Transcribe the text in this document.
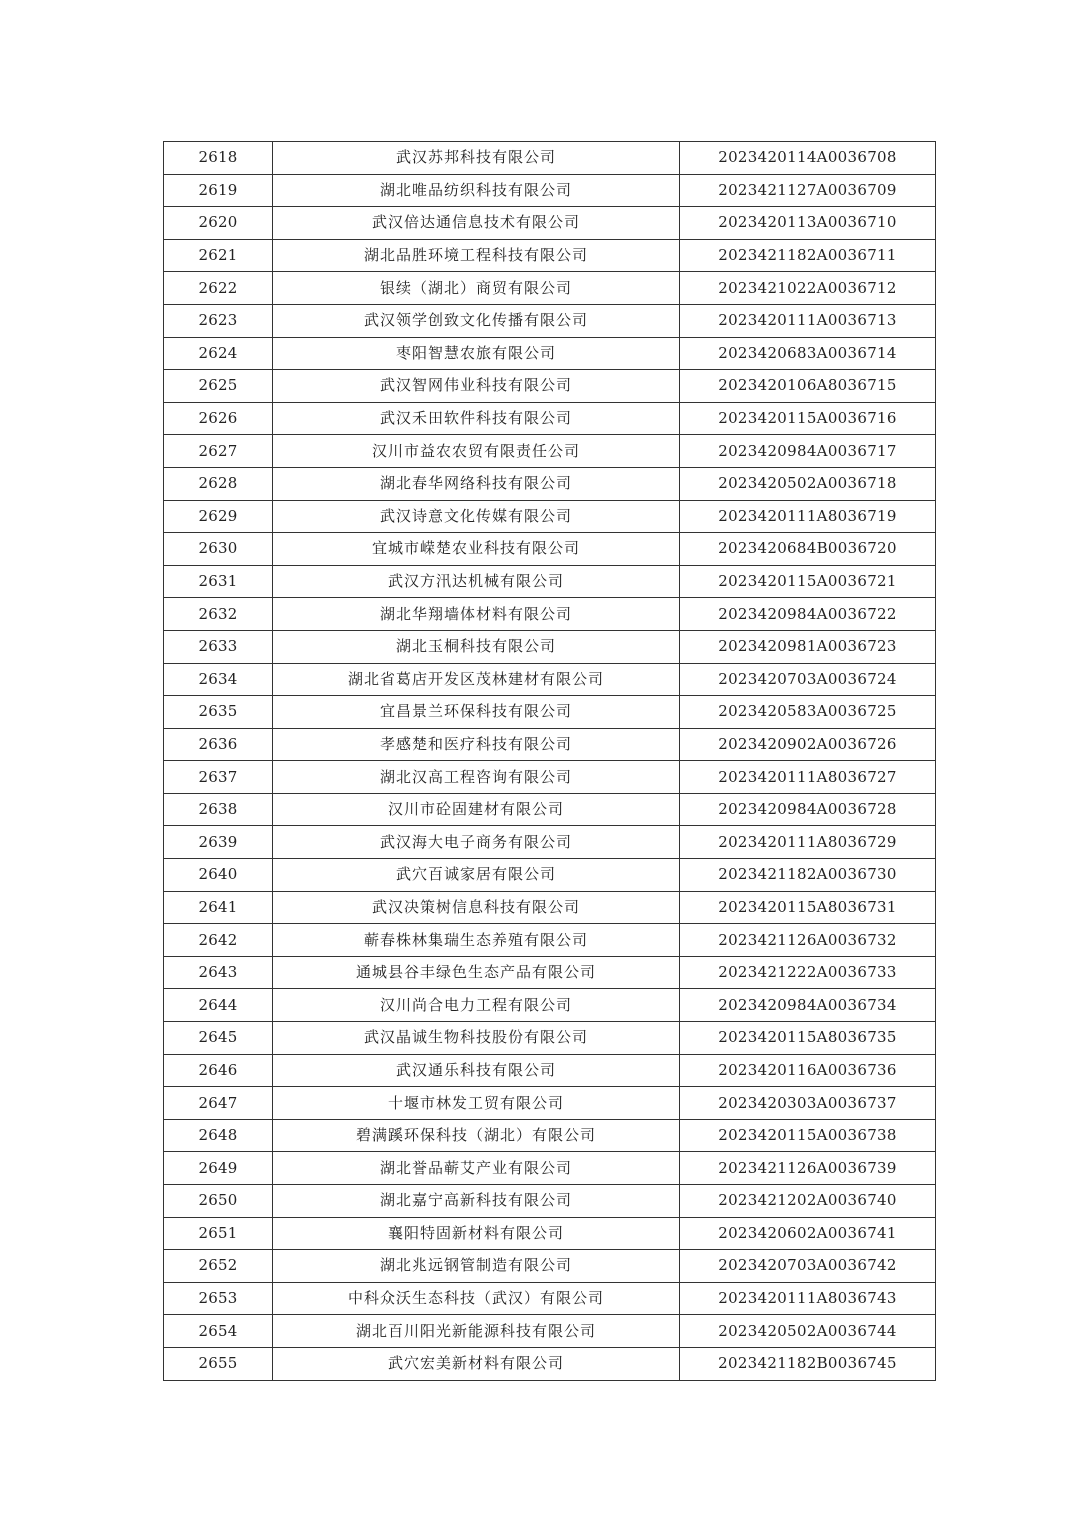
2618	武汉苏邦科技有限公司	2023420114A0036708
2619	湖北唯品纺织科技有限公司	2023421127A0036709
2620	武汉倍达通信息技术有限公司	2023420113A0036710
2621	湖北品胜环境工程科技有限公司	2023421182A0036711
2622	银续（湖北）商贸有限公司	2023421022A0036712
2623	武汉领学创致文化传播有限公司	2023420111A0036713
2624	枣阳智慧农旅有限公司	2023420683A0036714
2625	武汉智网伟业科技有限公司	2023420106A8036715
2626	武汉禾田软件科技有限公司	2023420115A0036716
2627	汉川市益农农贸有限责任公司	2023420984A0036717
2628	湖北春华网络科技有限公司	2023420502A0036718
2629	武汉诗意文化传媒有限公司	2023420111A8036719
2630	宜城市嵘楚农业科技有限公司	2023420684B0036720
2631	武汉方汛达机械有限公司	2023420115A0036721
2632	湖北华翔墙体材料有限公司	2023420984A0036722
2633	湖北玉桐科技有限公司	2023420981A0036723
2634	湖北省葛店开发区茂林建材有限公司	2023420703A0036724
2635	宜昌景兰环保科技有限公司	2023420583A0036725
2636	孝感楚和医疗科技有限公司	2023420902A0036726
2637	湖北汉高工程咨询有限公司	2023420111A8036727
2638	汉川市砼固建材有限公司	2023420984A0036728
2639	武汉海大电子商务有限公司	2023420111A8036729
2640	武穴百诚家居有限公司	2023421182A0036730
2641	武汉决策树信息科技有限公司	2023420115A8036731
2642	蕲春株林集瑞生态养殖有限公司	2023421126A0036732
2643	通城县谷丰绿色生态产品有限公司	2023421222A0036733
2644	汉川尚合电力工程有限公司	2023420984A0036734
2645	武汉晶诚生物科技股份有限公司	2023420115A8036735
2646	武汉通乐科技有限公司	2023420116A0036736
2647	十堰市林发工贸有限公司	2023420303A0036737
2648	碧满蹊环保科技（湖北）有限公司	2023420115A0036738
2649	湖北誉品蕲艾产业有限公司	2023421126A0036739
2650	湖北嘉宁高新科技有限公司	2023421202A0036740
2651	襄阳特固新材料有限公司	2023420602A0036741
2652	湖北兆远钢管制造有限公司	2023420703A0036742
2653	中科众沃生态科技（武汉）有限公司	2023420111A8036743
2654	湖北百川阳光新能源科技有限公司	2023420502A0036744
2655	武穴宏美新材料有限公司	2023421182B0036745
